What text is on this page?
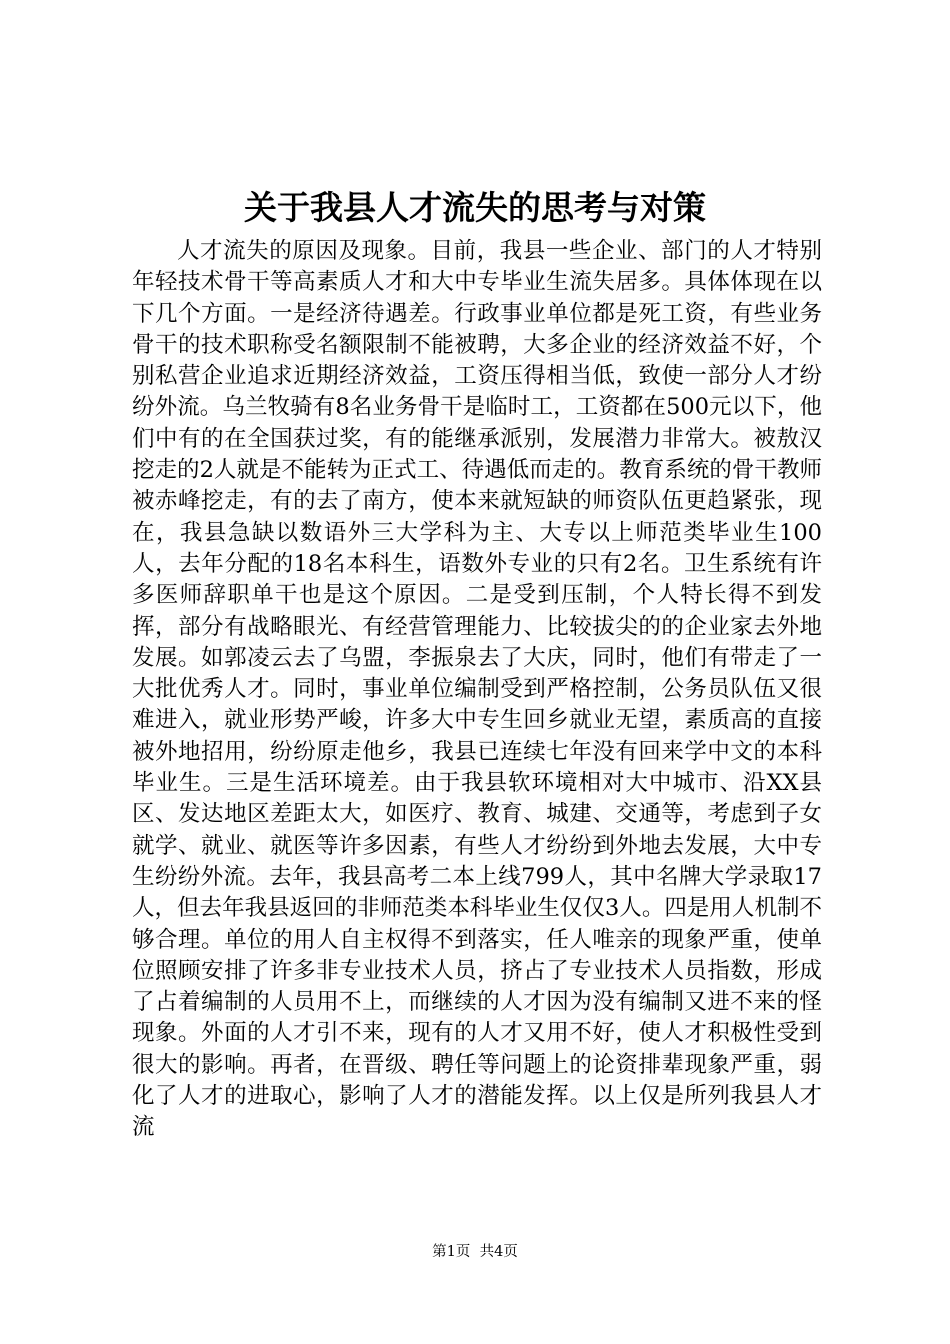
关于我县人才流失的思考与对策

人才流失的原因及现象。目前，我县一些企业、部门的人才特别年轻技术骨干等高素质人才和大中专毕业生流失居多。具体体现在以下几个方面。一是经济待遇差。行政事业单位都是死工资，有些业务骨干的技术职称受名额限制不能被聘，大多企业的经济效益不好，个别私营企业追求近期经济效益，工资压得相当低，致使一部分人才纷纷外流。乌兰牧骑有8名业务骨干是临时工，工资都在500元以下，他们中有的在全国获过奖，有的能继承派别，发展潜力非常大。被敖汉挖走的2人就是不能转为正式工、待遇低而走的。教育系统的骨干教师被赤峰挖走，有的去了南方，使本来就短缺的师资队伍更趋紧张，现在，我县急缺以数语外三大学科为主、大专以上师范类毕业生100人，去年分配的18名本科生，语数外专业的只有2名。卫生系统有许多医师辞职单干也是这个原因。二是受到压制，个人特长得不到发挥，部分有战略眼光、有经营管理能力、比较拔尖的的企业家去外地发展。如郭凌云去了乌盟，李振泉去了大庆，同时，他们有带走了一大批优秀人才。同时，事业单位编制受到严格控制，公务员队伍又很难进入，就业形势严峻，许多大中专生回乡就业无望，素质高的直接被外地招用，纷纷原走他乡，我县已连续七年没有回来学中文的本科毕业生。三是生活环境差。由于我县软环境相对大中城市、沿XX县区、发达地区差距太大，如医疗、教育、城建、交通等，考虑到子女就学、就业、就医等许多因素，有些人才纷纷到外地去发展，大中专生纷纷外流。去年，我县高考二本上线799人，其中名牌大学录取17人，但去年我县返回的非师范类本科毕业生仅仅3人。四是用人机制不够合理。单位的用人自主权得不到落实，任人唯亲的现象严重，使单位照顾安排了许多非专业技术人员，挤占了专业技术人员指数，形成了占着编制的人员用不上，而继续的人才因为没有编制又进不来的怪现象。外面的人才引不来，现有的人才又用不好，使人才积极性受到很大的影响。再者，在晋级、聘任等问题上的论资排辈现象严重，弱化了人才的进取心，影响了人才的潜能发挥。以上仅是所列我县人才流

第1页 共4页
